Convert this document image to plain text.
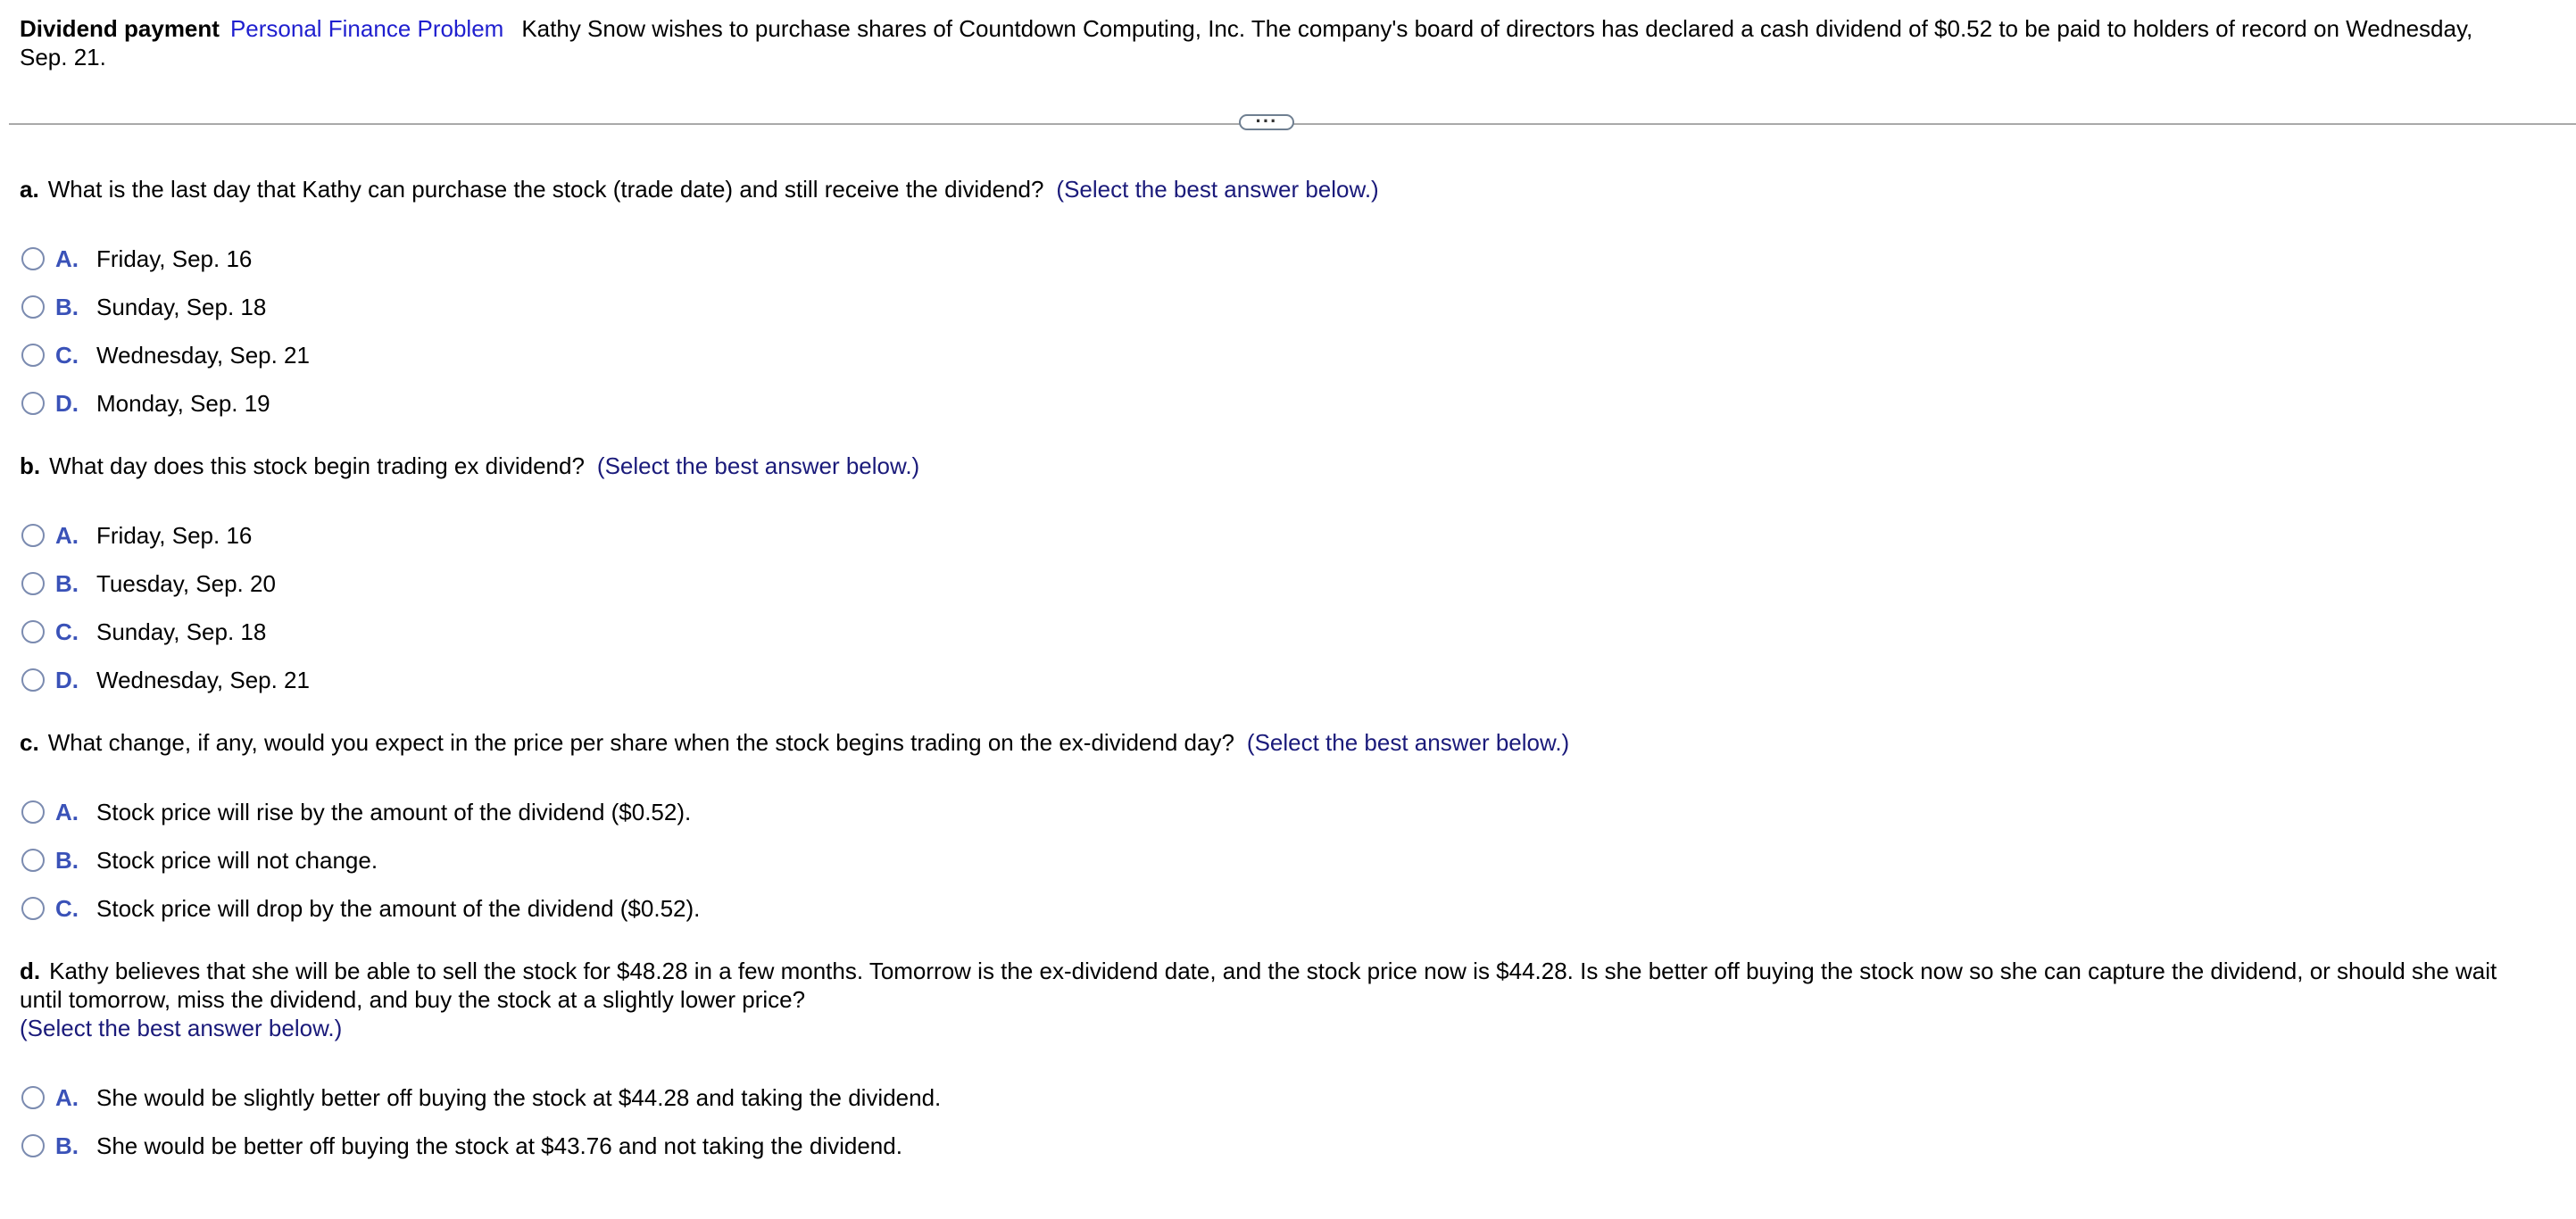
Dividend payment Personal Finance Problem Kathy Snow wishes to purchase shares of Countdown Computing, Inc. The company's board of directors has declared a cash dividend of $0.52 to be paid to holders of record on Wednesday, Sep. 21.
···
a. What is the last day that Kathy can purchase the stock (trade date) and still receive the dividend? (Select the best answer below.)
A. Friday, Sep. 16
B. Sunday, Sep. 18
C. Wednesday, Sep. 21
D. Monday, Sep. 19
b. What day does this stock begin trading ex dividend? (Select the best answer below.)
A. Friday, Sep. 16
B. Tuesday, Sep. 20
C. Sunday, Sep. 18
D. Wednesday, Sep. 21
c. What change, if any, would you expect in the price per share when the stock begins trading on the ex-dividend day? (Select the best answer below.)
A. Stock price will rise by the amount of the dividend ($0.52).
B. Stock price will not change.
C. Stock price will drop by the amount of the dividend ($0.52).
d. Kathy believes that she will be able to sell the stock for $48.28 in a few months. Tomorrow is the ex-dividend date, and the stock price now is $44.28. Is she better off buying the stock now so she can capture the dividend, or should she wait until tomorrow, miss the dividend, and buy the stock at a slightly lower price?
(Select the best answer below.)
A. She would be slightly better off buying the stock at $44.28 and taking the dividend.
B. She would be better off buying the stock at $43.76 and not taking the dividend.
